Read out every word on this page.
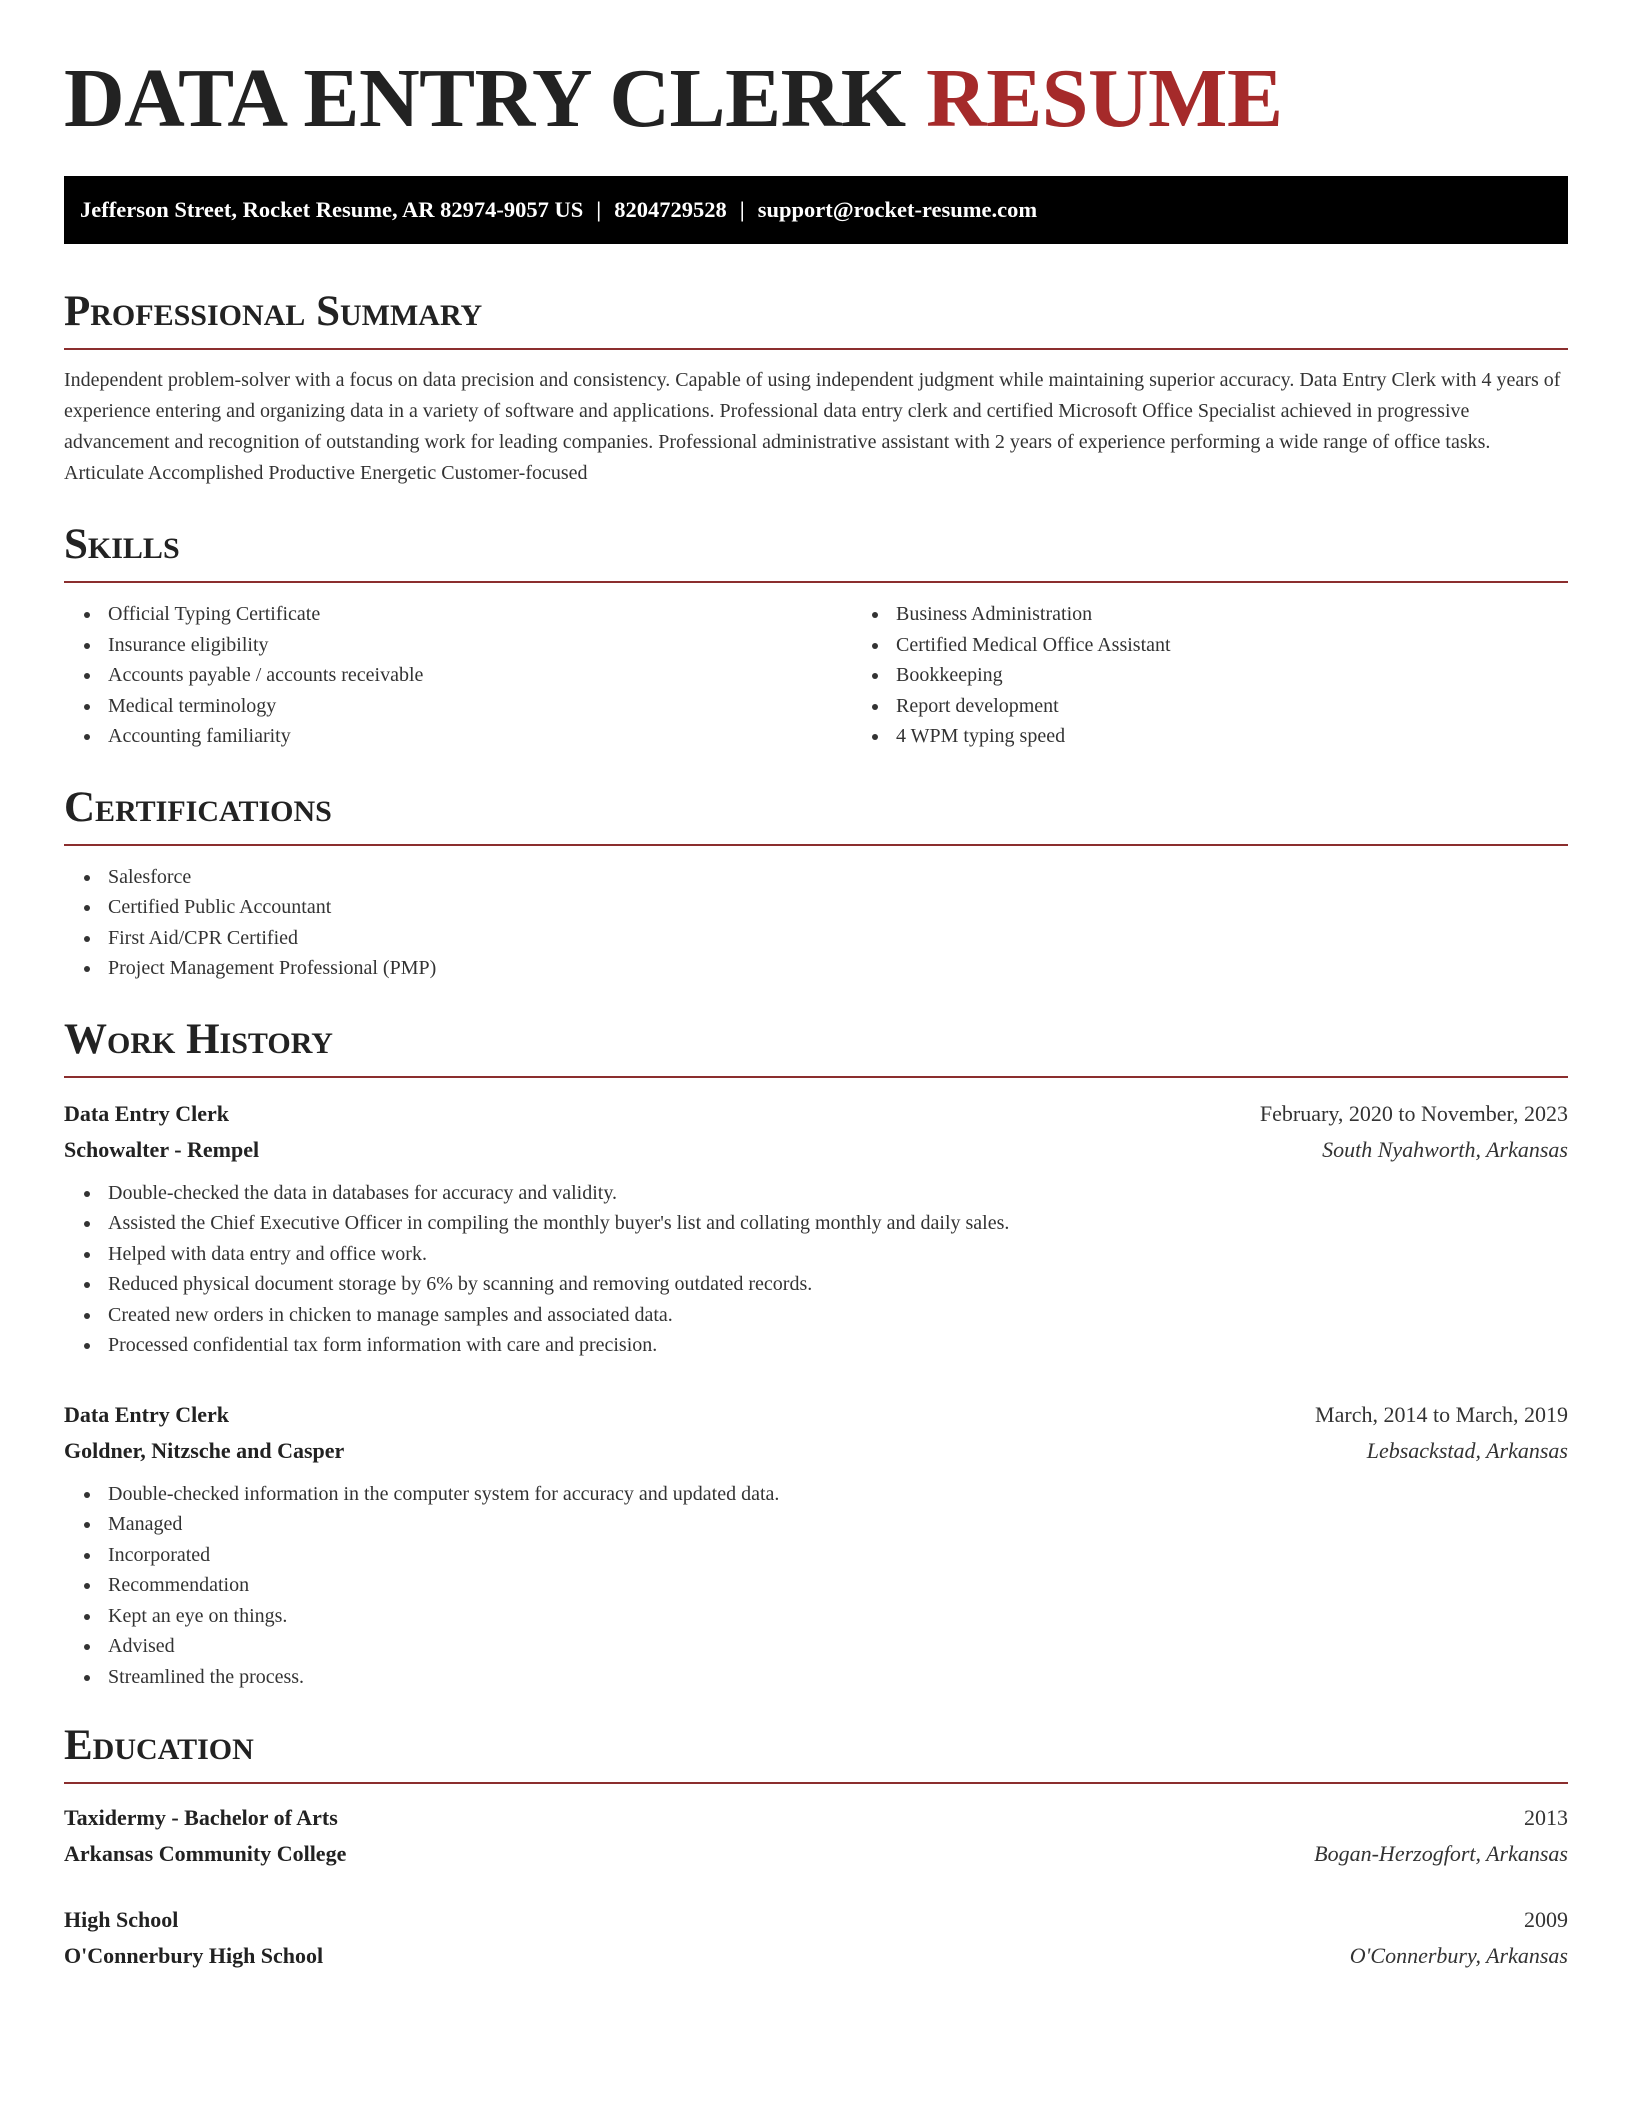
DATA ENTRY CLERK RESUME
Jefferson Street, Rocket Resume, AR 82974-9057 US | 8204729528 | support@rocket-resume.com
Professional Summary

Independent problem-solver with a focus on data precision and consistency. Capable of using independent judgment while maintaining superior accuracy. Data Entry Clerk with 4 years of experience entering and organizing data in a variety of software and applications. Professional data entry clerk and certified Microsoft Office Specialist achieved in progressive advancement and recognition of outstanding work for leading companies. Professional administrative assistant with 2 years of experience performing a wide range of office tasks. Articulate Accomplished Productive Energetic Customer-focused

Skills
Official Typing Certificate
Insurance eligibility
Accounts payable / accounts receivable
Medical terminology
Accounting familiarity
Business Administration
Certified Medical Office Assistant
Bookkeeping
Report development
4 WPM typing speed
Certifications
Salesforce
Certified Public Accountant
First Aid/CPR Certified
Project Management Professional (PMP)
Work History
Data Entry Clerk	February, 2020 to November, 2023
Schowalter - Rempel	South Nyahworth, Arkansas
Double-checked the data in databases for accuracy and validity.
Assisted the Chief Executive Officer in compiling the monthly buyer's list and collating monthly and daily sales.
Helped with data entry and office work.
Reduced physical document storage by 6% by scanning and removing outdated records.
Created new orders in chicken to manage samples and associated data.
Processed confidential tax form information with care and precision.
Data Entry Clerk	March, 2014 to March, 2019
Goldner, Nitzsche and Casper	Lebsackstad, Arkansas
Double-checked information in the computer system for accuracy and updated data.
Managed
Incorporated
Recommendation
Kept an eye on things.
Advised
Streamlined the process.
Education
Taxidermy - Bachelor of Arts	2013
Arkansas Community College	Bogan-Herzogfort, Arkansas
High School	2009
O'Connerbury High School	O'Connerbury, Arkansas
